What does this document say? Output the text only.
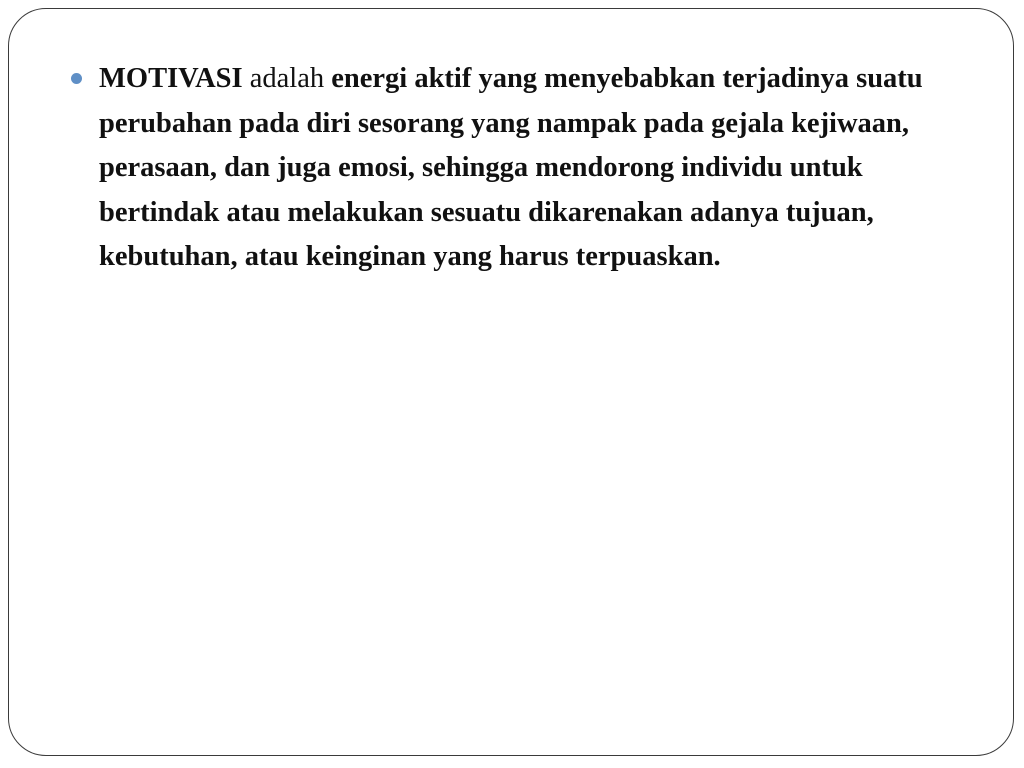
MOTIVASI adalah energi aktif yang menyebabkan terjadinya suatu perubahan pada diri sesorang yang nampak pada gejala kejiwaan, perasaan, dan juga emosi, sehingga mendorong individu untuk bertindak atau melakukan sesuatu dikarenakan adanya tujuan, kebutuhan, atau keinginan yang harus terpuaskan.
